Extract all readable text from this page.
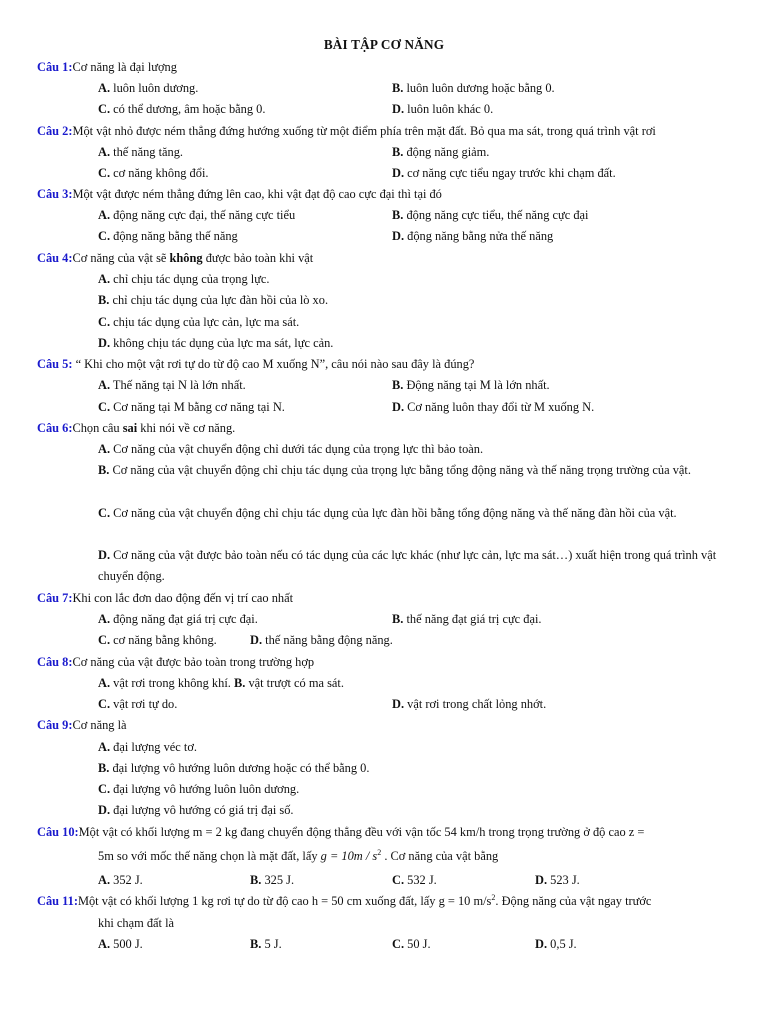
BÀI TẬP CƠ NĂNG
Câu 1:Cơ năng là đại lượng
A. luôn luôn dương.	B. luôn luôn dương hoặc bằng 0.
C. có thể dương, âm hoặc bằng 0.	D. luôn luôn khác 0.
Câu 2:Một vật nhỏ được ném thẳng đứng hướng xuống từ một điểm phía trên mặt đất. Bỏ qua ma sát, trong quá trình vật rơi
A. thế năng tăng.	B. động năng giảm.
C. cơ năng không đổi.	D. cơ năng cực tiểu ngay trước khi chạm đất.
Câu 3:Một vật được ném thẳng đứng lên cao, khi vật đạt độ cao cực đại thì tại đó
A. động năng cực đại, thế năng cực tiểu	B. động năng cực tiểu, thế năng cực đại
C. động năng bằng thế năng	D. động năng bằng nửa thế năng
Câu 4:Cơ năng của vật sẽ không được bảo toàn khi vật
A. chỉ chịu tác dụng của trọng lực.
B. chỉ chịu tác dụng của lực đàn hồi của lò xo.
C. chịu tác dụng của lực cản, lực ma sát.
D. không chịu tác dụng của lực ma sát, lực cản.
Câu 5: “ Khi cho một vật rơi tự do từ độ cao M xuống N”, câu nói nào sau đây là đúng?
A. Thế năng tại N là lớn nhất.	B. Động năng tại M là lớn nhất.
C. Cơ năng tại M bằng cơ năng tại N.	D. Cơ năng luôn thay đổi từ M xuống N.
Câu 6:Chọn câu sai khi nói về cơ năng.
A. Cơ năng của vật chuyển động chỉ dưới tác dụng của trọng lực thì bảo toàn.
B. Cơ năng của vật chuyển động chỉ chịu tác dụng của trọng lực bằng tổng động năng và thế năng trọng trường của vật.
C. Cơ năng của vật chuyển động chỉ chịu tác dụng của lực đàn hồi bằng tổng động năng và thế năng đàn hồi của vật.
D. Cơ năng của vật được bảo toàn nếu có tác dụng của các lực khác (như lực cản, lực ma sát…) xuất hiện trong quá trình vật chuyển động.
Câu 7:Khi con lắc đơn dao động đến vị trí cao nhất
A. động năng đạt giá trị cực đại.	B. thế năng đạt giá trị cực đại.
C. cơ năng bằng không.	D. thế năng bằng động năng.
Câu 8:Cơ năng của vật được bảo toàn trong trường hợp
A. vật rơi trong không khí. B. vật trượt có ma sát.
C. vật rơi tự do.	D. vật rơi trong chất lỏng nhớt.
Câu 9:Cơ năng là
A. đại lượng véc tơ.
B. đại lượng vô hướng luôn dương hoặc có thể bằng 0.
C. đại lượng vô hướng luôn luôn dương.
D. đại lượng vô hướng có giá trị đại số.
Câu 10:Một vật có khối lượng m = 2 kg đang chuyển động thẳng đều với vận tốc 54 km/h trong trọng trường ở độ cao z =
5m so với mốc thế năng chọn là mặt đất, lấy $g = 10m / s^2$ . Cơ năng của vật bằng
A. 352 J.	B. 325 J.	C. 532 J.	D. 523 J.
Câu 11:Một vật có khối lượng 1 kg rơi tự do từ độ cao h = 50 cm xuống đất, lấy g = 10 $m/s^2$. Động năng của vật ngay trước
khi chạm đất là
A. 500 J.	B. 5 J.	C. 50 J.	D. 0,5 J.
